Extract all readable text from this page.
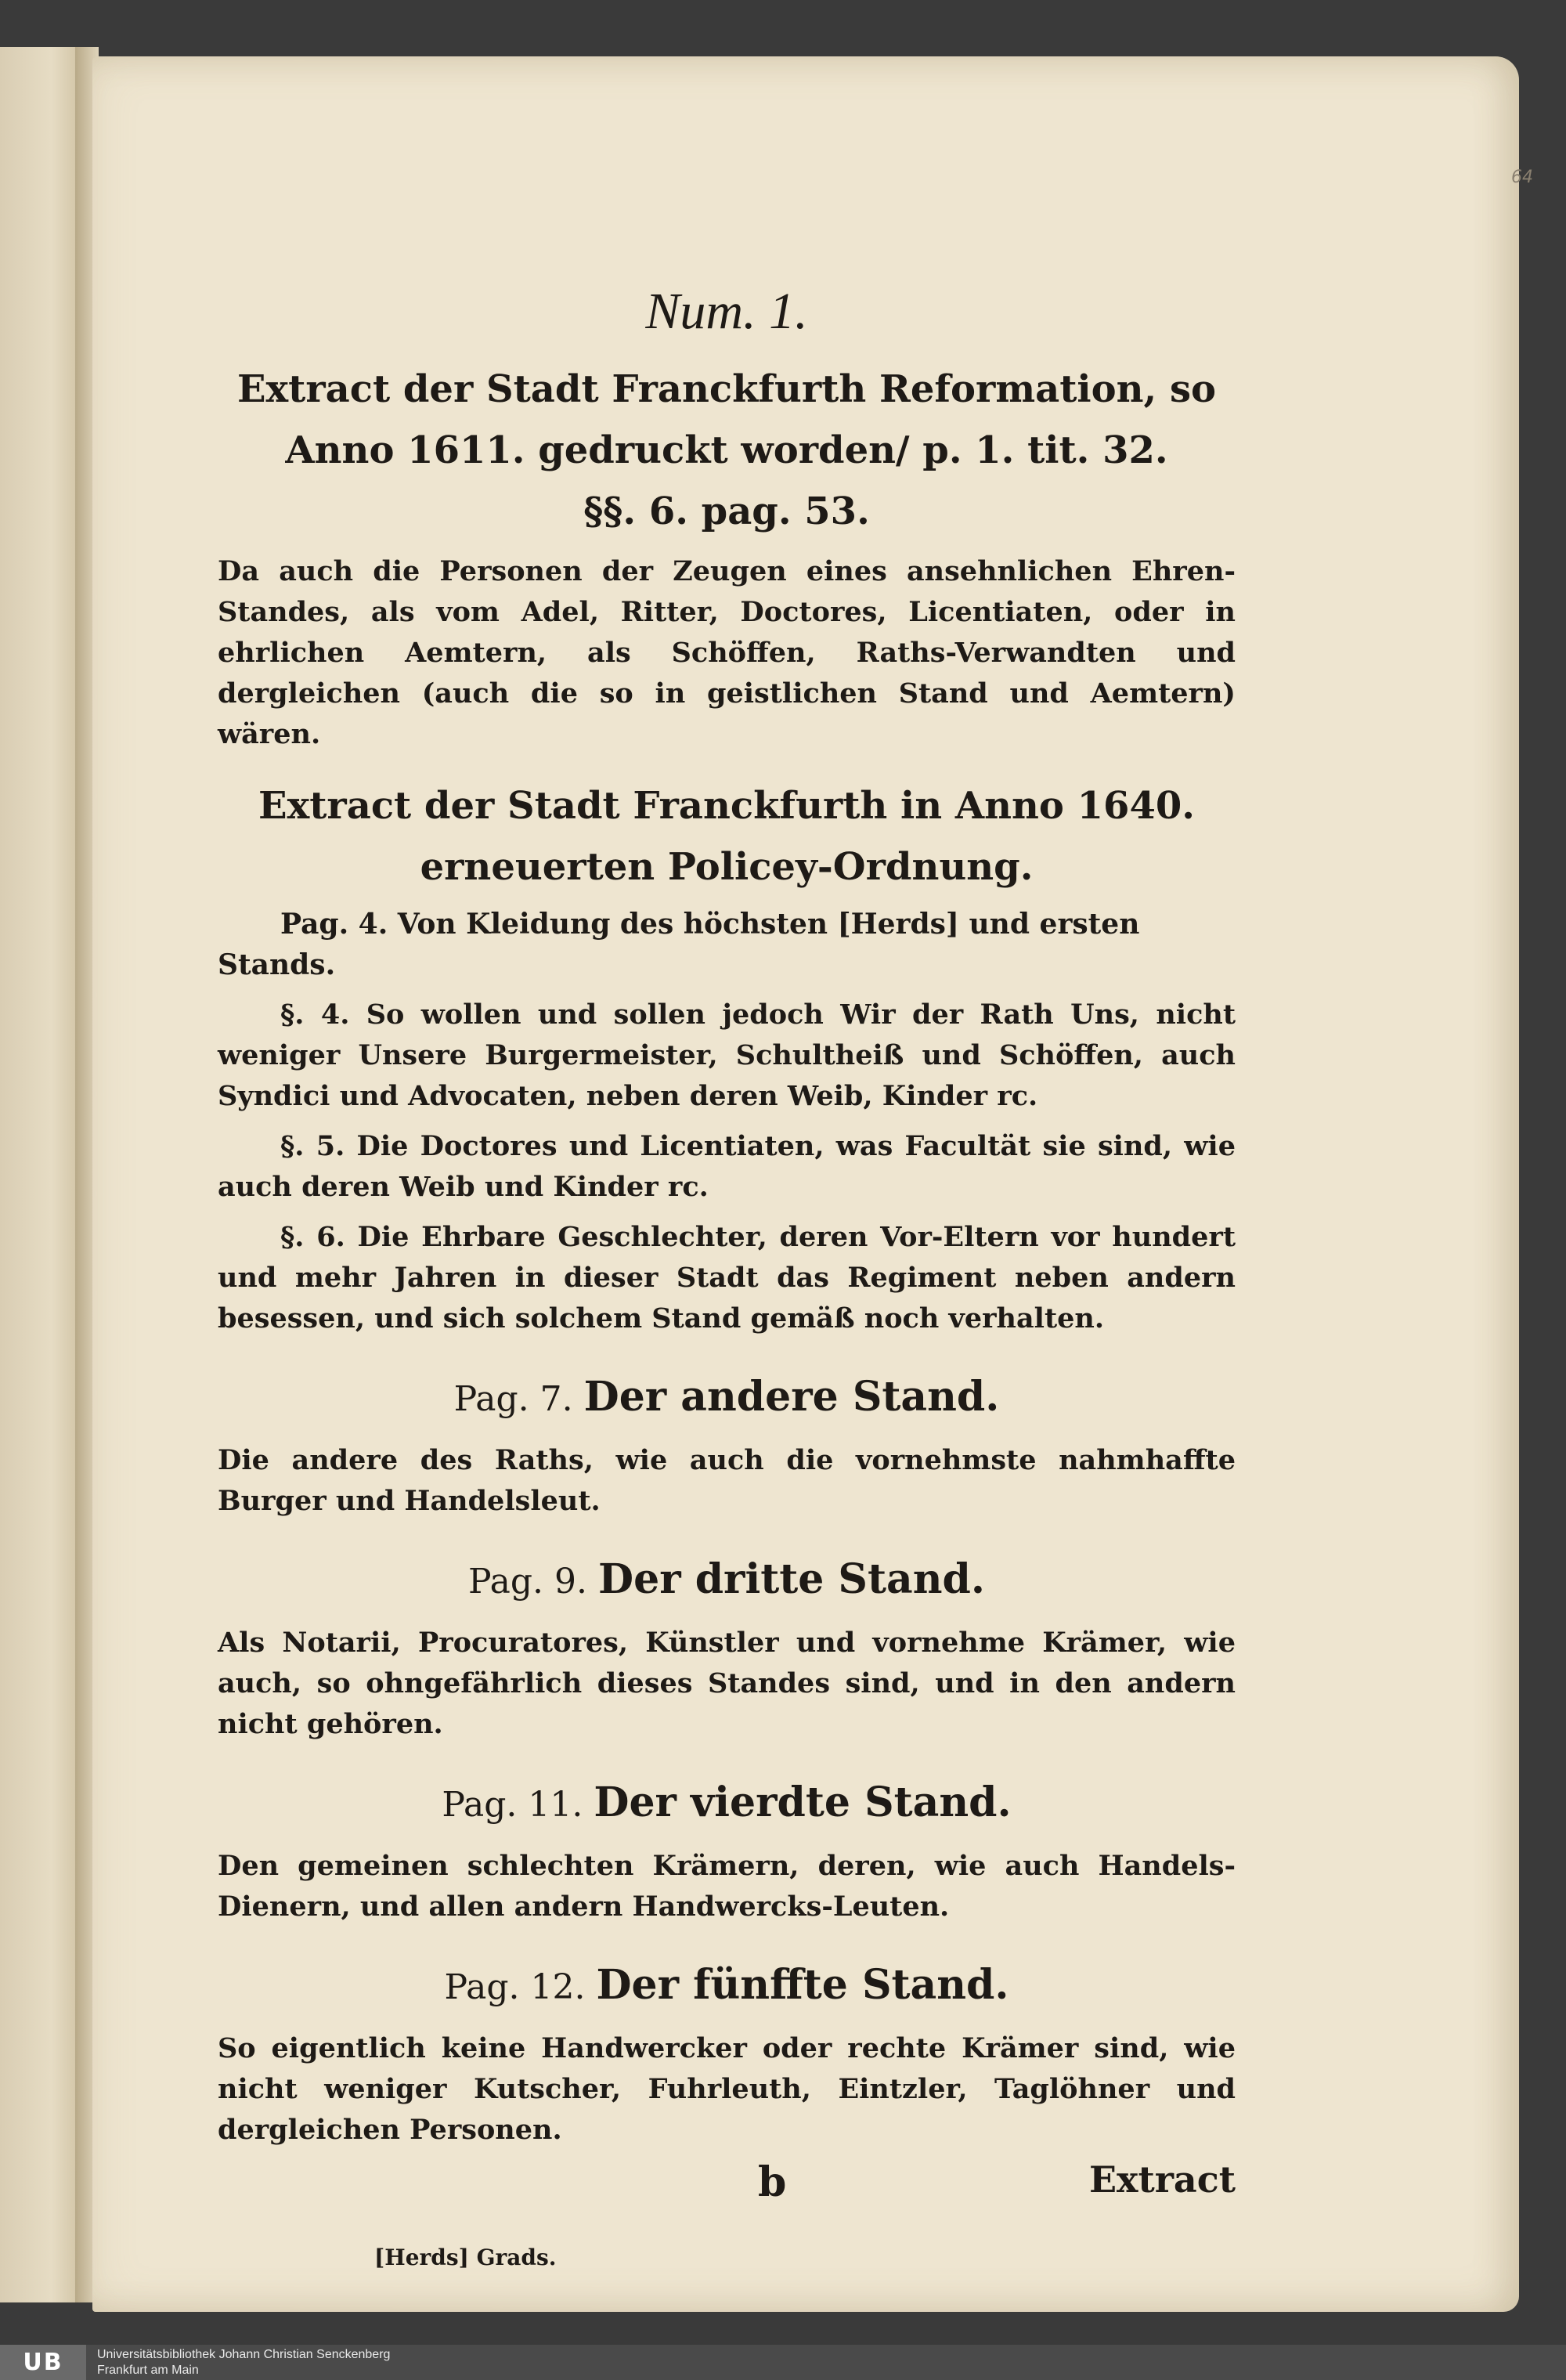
64

Num. 1.

Extract der Stadt Franckfurth Reformation, so

Anno 1611. gedruckt worden/ p. 1. tit. 32.

§§. 6. pag. 53.

Da auch die Personen der Zeugen eines ansehnlichen Ehren-Standes, als vom Adel, Ritter, Doctores, Licentiaten, oder in ehrlichen Aemtern, als Schöffen, Raths-Verwandten und dergleichen (auch die so in geistlichen Stand und Aemtern) wären.

Extract der Stadt Franckfurth in Anno 1640.

erneuerten Policey-Ordnung.

Pag. 4. Von Kleidung des höchsten [Herds] und ersten Stands.

§. 4. So wollen und sollen jedoch Wir der Rath Uns, nicht weniger Unsere Burgermeister, Schultheiß und Schöffen, auch Syndici und Advocaten, neben deren Weib, Kinder rc.

§. 5. Die Doctores und Licentiaten, was Facultät sie sind, wie auch deren Weib und Kinder rc.

§. 6. Die Ehrbare Geschlechter, deren Vor-Eltern vor hundert und mehr Jahren in dieser Stadt das Regiment neben andern besessen, und sich solchem Stand gemäß noch verhalten.

Pag. 7. Der andere Stand.

Die andere des Raths, wie auch die vornehmste nahmhaffte Burger und Handelsleut.

Pag. 9. Der dritte Stand.

Als Notarii, Procuratores, Künstler und vornehme Krämer, wie auch, so ohngefährlich dieses Standes sind, und in den andern nicht gehören.

Pag. 11. Der vierdte Stand.

Den gemeinen schlechten Krämern, deren, wie auch Handels-Dienern, und allen andern Handwercks-Leuten.

Pag. 12. Der fünffte Stand.

So eigentlich keine Handwercker oder rechte Krämer sind, wie nicht weniger Kutscher, Fuhrleuth, Eintzler, Taglöhner und dergleichen Personen.

b	Extract

[Herds] Grads.

UB	Universitätsbibliothek Johann Christian Senckenberg
Frankfurt am Main
